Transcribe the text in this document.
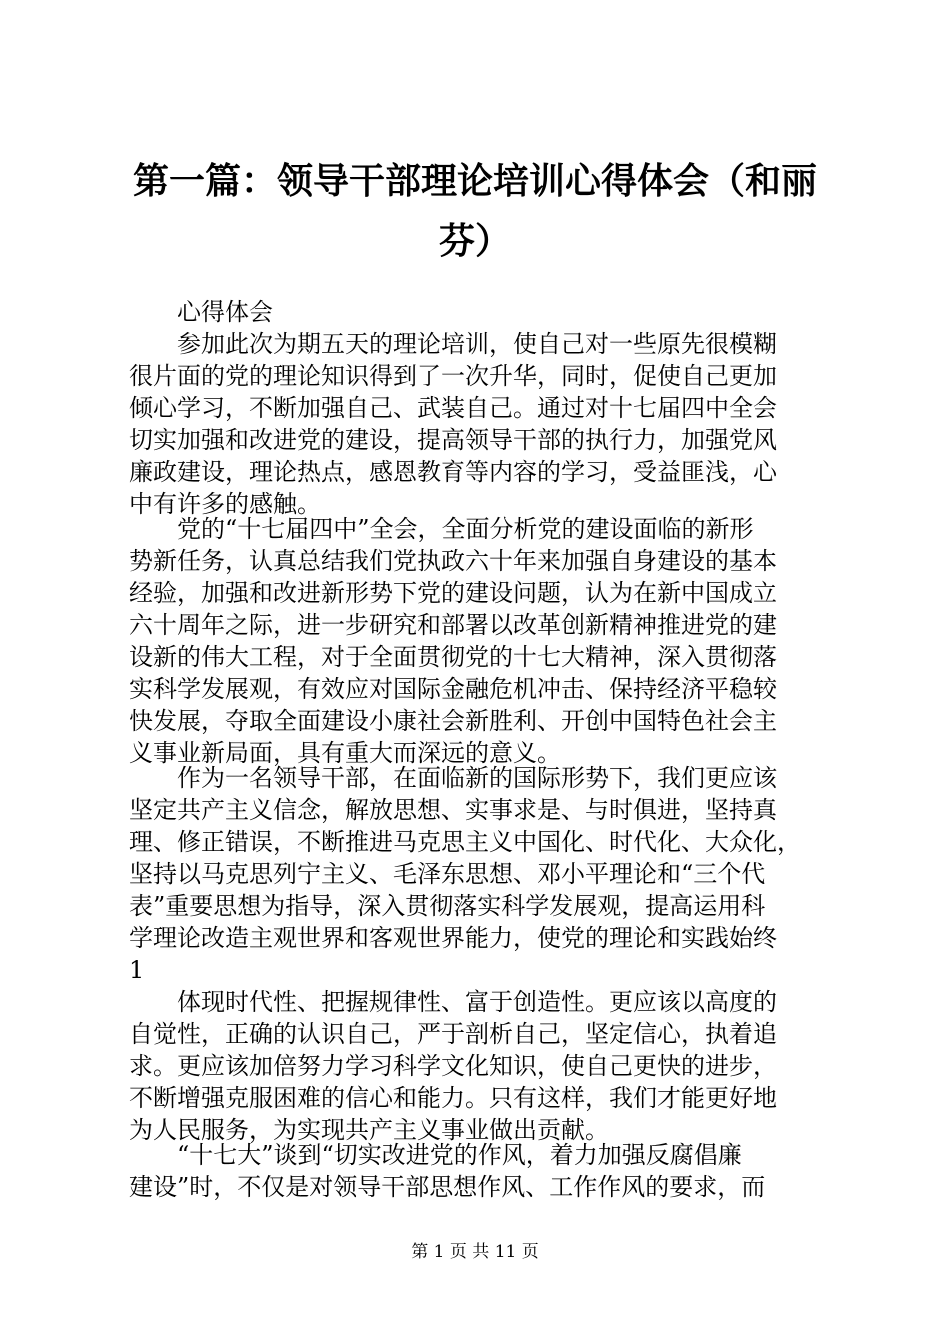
第一篇：领导干部理论培训心得体会（和丽
芬）
　　心得体会
　　参加此次为期五天的理论培训，使自己对一些原先很模糊
很片面的党的理论知识得到了一次升华，同时，促使自己更加
倾心学习，不断加强自己、武装自己。通过对十七届四中全会
切实加强和改进党的建设，提高领导干部的执行力，加强党风
廉政建设，理论热点，感恩教育等内容的学习，受益匪浅，心
中有许多的感触。
　　党的“十七届四中”全会，全面分析党的建设面临的新形
势新任务，认真总结我们党执政六十年来加强自身建设的基本
经验，加强和改进新形势下党的建设问题，认为在新中国成立
六十周年之际，进一步研究和部署以改革创新精神推进党的建
设新的伟大工程，对于全面贯彻党的十七大精神，深入贯彻落
实科学发展观，有效应对国际金融危机冲击、保持经济平稳较
快发展，夺取全面建设小康社会新胜利、开创中国特色社会主
义事业新局面，具有重大而深远的意义。
　　作为一名领导干部，在面临新的国际形势下，我们更应该
坚定共产主义信念，解放思想、实事求是、与时俱进，坚持真
理、修正错误，不断推进马克思主义中国化、时代化、大众化，
坚持以马克思列宁主义、毛泽东思想、邓小平理论和“三个代
表”重要思想为指导，深入贯彻落实科学发展观，提高运用科
学理论改造主观世界和客观世界能力，使党的理论和实践始终
1
　　体现时代性、把握规律性、富于创造性。更应该以高度的
自觉性，正确的认识自己，严于剖析自己，坚定信心，执着追
求。更应该加倍努力学习科学文化知识，使自己更快的进步，
不断增强克服困难的信心和能力。只有这样，我们才能更好地
为人民服务，为实现共产主义事业做出贡献。
　　“十七大”谈到“切实改进党的作风，着力加强反腐倡廉
建设”时，不仅是对领导干部思想作风、工作作风的要求，而
第 1 页 共 11 页
